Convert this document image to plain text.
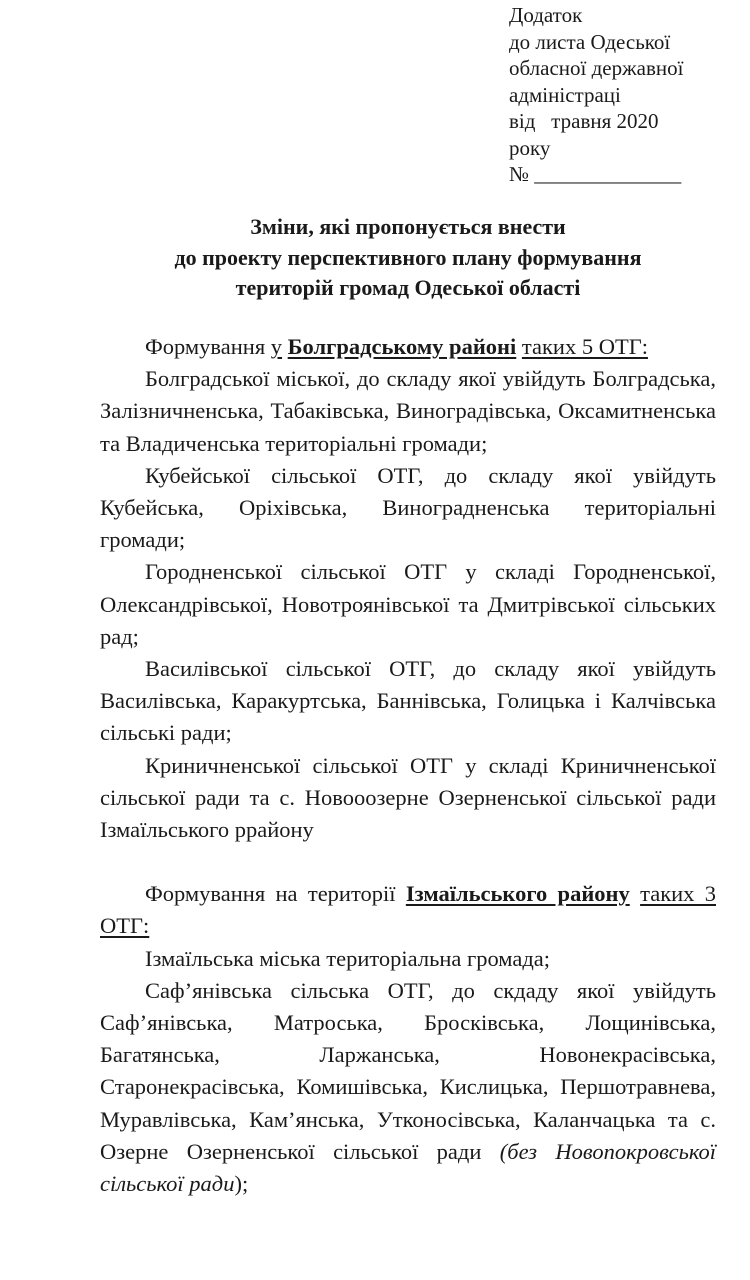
Додаток
до листа Одеської
обласної державної
адміністраці
від   травня 2020
року
№ ______________
Зміни, які пропонується внести
до проекту перспективного плану формування
територій громад Одеської області

Формування у Болградському районі таких 5 ОТГ:

Болградської міської, до складу якої увійдуть Болградська, Залізничненська, Табаківська, Виноградівська, Оксамитненська та Владиченська територіальні громади;

Кубейської сільської ОТГ, до складу якої увійдуть Кубейська, Оріхівська, Виноградненська територіальні громади;

Городненської сільської ОТГ у складі Городненської, Олександрівської, Новотроянівської та Дмитрівської сільських рад;

Василівської сільської ОТГ, до складу якої увійдуть Василівська, Каракуртська, Баннівська, Голицька і Калчівська сільські ради;

Криничненської сільської ОТГ у складі Криничненської сільської ради та с. Новооозерне Озерненської сільської ради Ізмаїльського ррайону

Формування на території Ізмаїльського району таких 3 ОТГ:

Ізмаїльська міська територіальна громада;

Саф’янівська сільська ОТГ, до скдаду якої увійдуть Саф’янівська, Матроська, Бросківська, Лощинівська, Багатянська, Ларжанська, Новонекрасівська, Старонекрасівська, Комишівська, Кислицька, Першотравнева, Муравлівська, Кам’янська, Утконосівська, Каланчацька та с. Озерне Озерненської сільської ради (без Новопокровської сільської ради);
